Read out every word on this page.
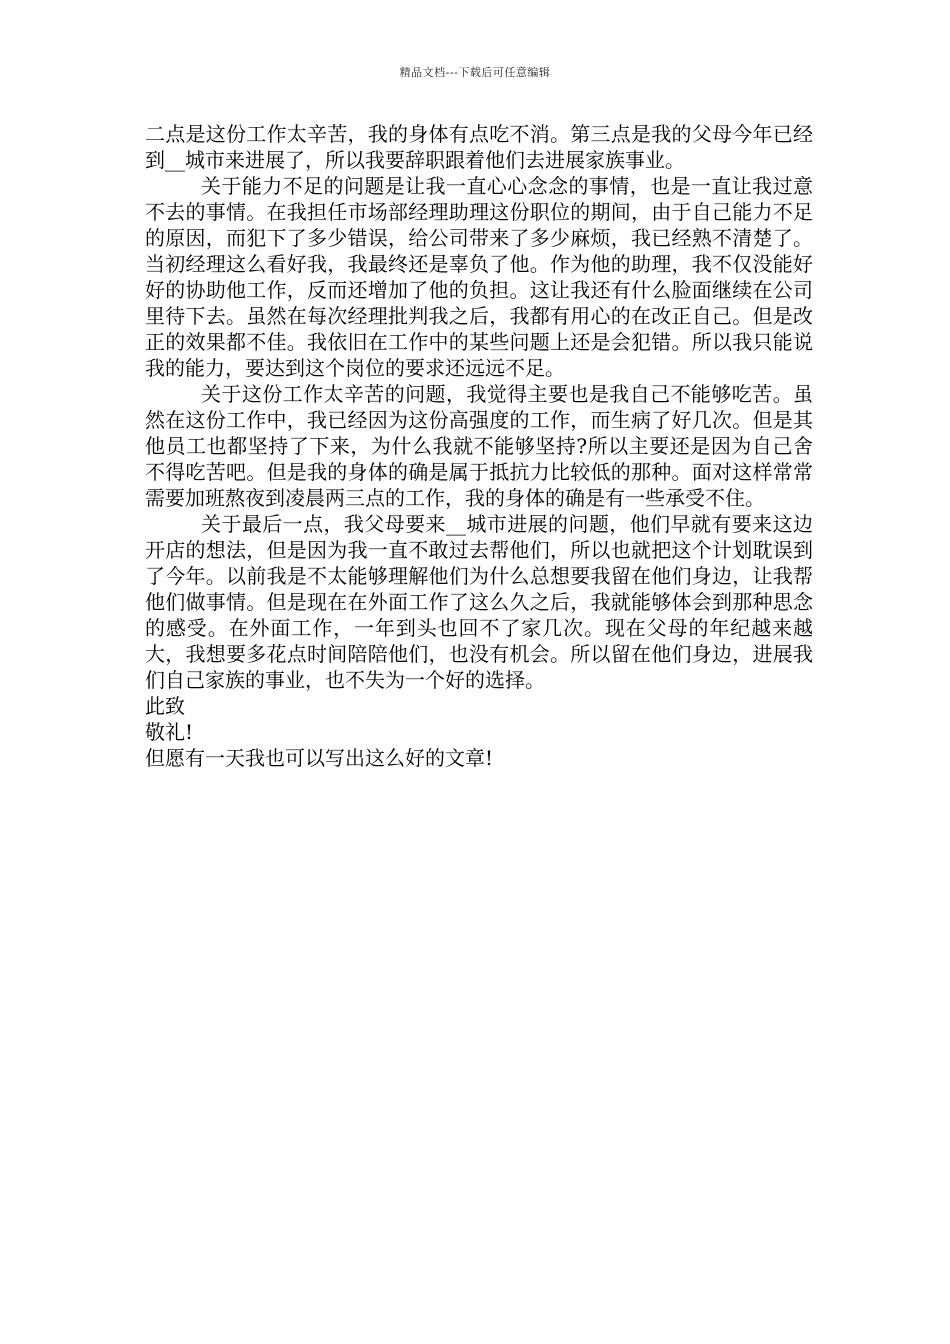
精品文档---下载后可任意编辑

二点是这份工作太辛苦，我的身体有点吃不消。第三点是我的父母今年已经到__城市来进展了，所以我要辞职跟着他们去进展家族事业。

关于能力不足的问题是让我一直心心念念的事情，也是一直让我过意不去的事情。在我担任市场部经理助理这份职位的期间，由于自己能力不足的原因，而犯下了多少错误，给公司带来了多少麻烦，我已经熟不清楚了。当初经理这么看好我，我最终还是辜负了他。作为他的助理，我不仅没能好好的协助他工作，反而还增加了他的负担。这让我还有什么脸面继续在公司里待下去。虽然在每次经理批判我之后，我都有用心的在改正自己。但是改正的效果都不佳。我依旧在工作中的某些问题上还是会犯错。所以我只能说我的能力，要达到这个岗位的要求还远远不足。

关于这份工作太辛苦的问题，我觉得主要也是我自己不能够吃苦。虽然在这份工作中，我已经因为这份高强度的工作，而生病了好几次。但是其他员工也都坚持了下来，为什么我就不能够坚持?所以主要还是因为自己舍不得吃苦吧。但是我的身体的确是属于抵抗力比较低的那种。面对这样常常需要加班熬夜到凌晨两三点的工作，我的身体的确是有一些承受不住。

关于最后一点，我父母要来__城市进展的问题，他们早就有要来这边开店的想法，但是因为我一直不敢过去帮他们，所以也就把这个计划耽误到了今年。以前我是不太能够理解他们为什么总想要我留在他们身边，让我帮他们做事情。但是现在在外面工作了这么久之后，我就能够体会到那种思念的感受。在外面工作，一年到头也回不了家几次。现在父母的年纪越来越大，我想要多花点时间陪陪他们，也没有机会。所以留在他们身边，进展我们自己家族的事业，也不失为一个好的选择。

此致

敬礼!

但愿有一天我也可以写出这么好的文章!
